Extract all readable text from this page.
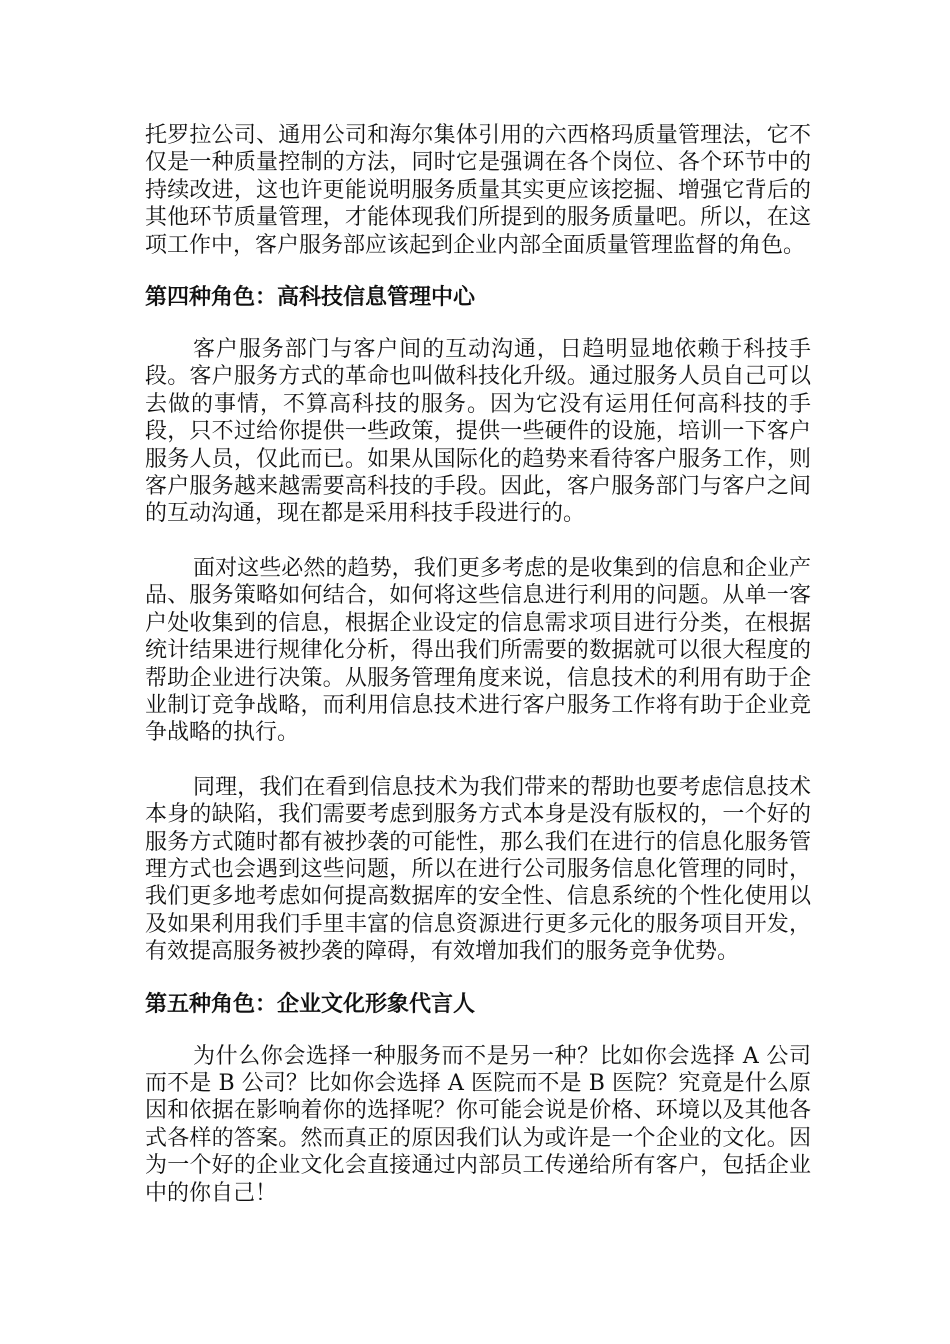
托罗拉公司、通用公司和海尔集体引用的六西格玛质量管理法，它不仅是一种质量控制的方法，同时它是强调在各个岗位、各个环节中的持续改进，这也许更能说明服务质量其实更应该挖掘、增强它背后的其他环节质量管理，才能体现我们所提到的服务质量吧。所以，在这项工作中，客户服务部应该起到企业内部全面质量管理监督的角色。

第四种角色：高科技信息管理中心

客户服务部门与客户间的互动沟通，日趋明显地依赖于科技手段。客户服务方式的革命也叫做科技化升级。通过服务人员自己可以去做的事情，不算高科技的服务。因为它没有运用任何高科技的手段，只不过给你提供一些政策，提供一些硬件的设施，培训一下客户服务人员，仅此而已。如果从国际化的趋势来看待客户服务工作，则客户服务越来越需要高科技的手段。因此，客户服务部门与客户之间的互动沟通，现在都是采用科技手段进行的。

面对这些必然的趋势，我们更多考虑的是收集到的信息和企业产品、服务策略如何结合，如何将这些信息进行利用的问题。从单一客户处收集到的信息，根据企业设定的信息需求项目进行分类，在根据统计结果进行规律化分析，得出我们所需要的数据就可以很大程度的帮助企业进行决策。从服务管理角度来说，信息技术的利用有助于企业制订竞争战略，而利用信息技术进行客户服务工作将有助于企业竞争战略的执行。

同理，我们在看到信息技术为我们带来的帮助也要考虑信息技术本身的缺陷，我们需要考虑到服务方式本身是没有版权的，一个好的服务方式随时都有被抄袭的可能性，那么我们在进行的信息化服务管理方式也会遇到这些问题，所以在进行公司服务信息化管理的同时，我们更多地考虑如何提高数据库的安全性、信息系统的个性化使用以及如果利用我们手里丰富的信息资源进行更多元化的服务项目开发，有效提高服务被抄袭的障碍，有效增加我们的服务竞争优势。

第五种角色：企业文化形象代言人

为什么你会选择一种服务而不是另一种？比如你会选择 A 公司而不是 B 公司？比如你会选择 A 医院而不是 B 医院？究竟是什么原因和依据在影响着你的选择呢？你可能会说是价格、环境以及其他各式各样的答案。然而真正的原因我们认为或许是一个企业的文化。因为一个好的企业文化会直接通过内部员工传递给所有客户，包括企业中的你自己！
